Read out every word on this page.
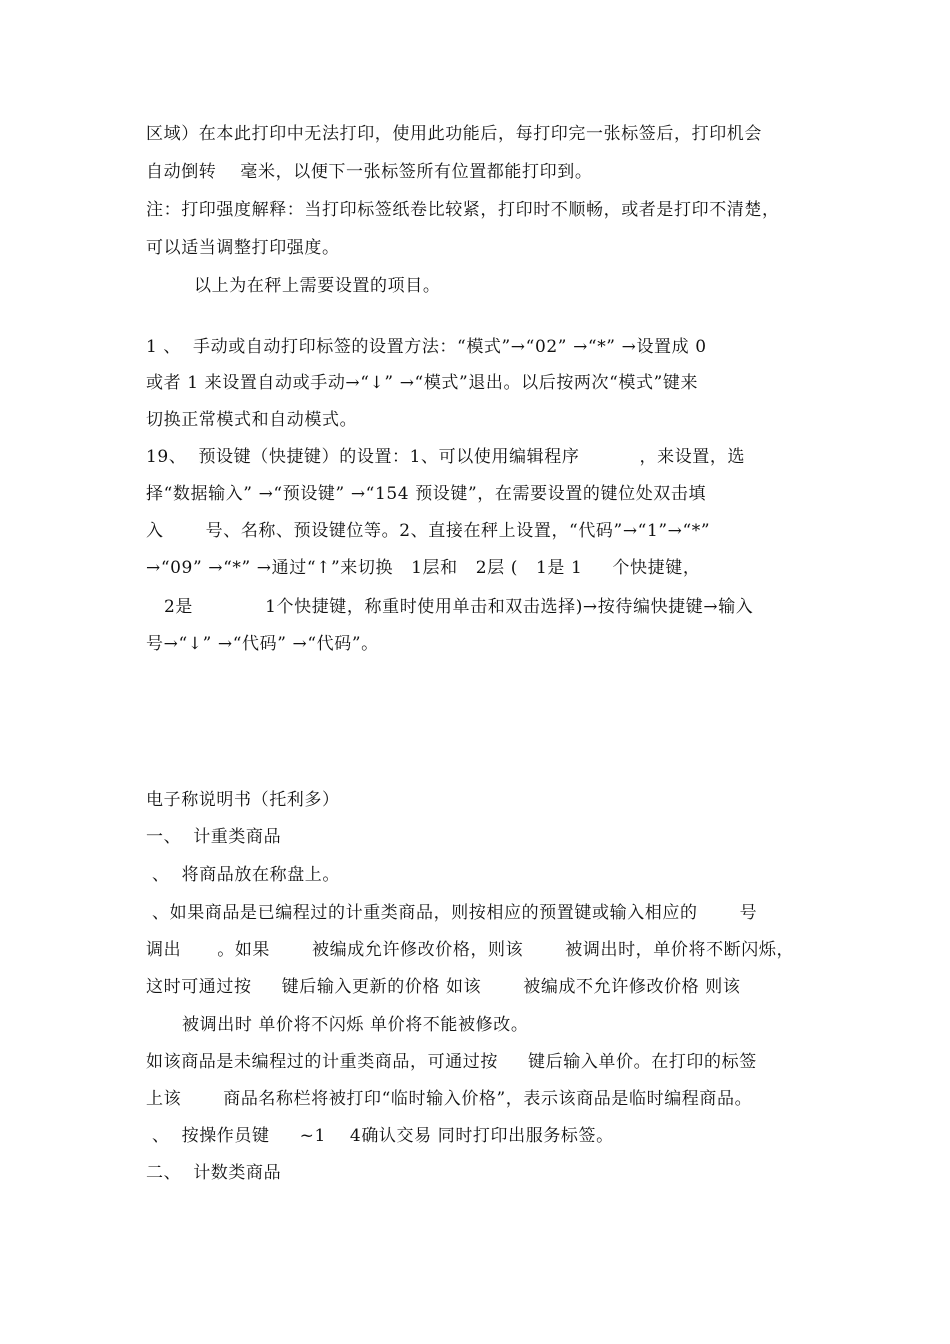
区域）在本此打印中无法打印，使用此功能后，每打印完一张标签后，打印机会
自动倒转    毫米，以便下一张标签所有位置都能打印到。
注：打印强度解释：当打印标签纸卷比较紧，打印时不顺畅，或者是打印不清楚，
可以适当调整打印强度。
以上为在秤上需要设置的项目。
1 、  手动或自动打印标签的设置方法：“模式”→“02” →“*” →设置成 0
或者 1 来设置自动或手动→“↓” →“模式”退出。以后按两次“模式”键来
切换正常模式和自动模式。
19、  预设键（快捷键）的设置：1、可以使用编辑程序          ，来设置，选
择“数据输入” →“预设键” →“154 预设键”，在需要设置的键位处双击填
入       号、名称、预设键位等。2、直接在秤上设置，“代码”→“1”→“*”
→“09” →“*” →通过“↑”来切换   1层和   2层 (   1是 1     个快捷键，
2是            1个快捷键，称重时使用单击和双击选择)→按待编快捷键→输入
号→“↓” →“代码” →“代码”。
电子称说明书（托利多）
一、  计重类商品
、  将商品放在称盘上。
、如果商品是已编程过的计重类商品，则按相应的预置键或输入相应的       号
调出      。如果       被编成允许修改价格，则该       被调出时，单价将不断闪烁，
这时可通过按     键后输入更新的价格 如该       被编成不允许修改价格 则该
被调出时 单价将不闪烁 单价将不能被修改。
如该商品是未编程过的计重类商品，可通过按     键后输入单价。在打印的标签
上该       商品名称栏将被打印“临时输入价格”，表示该商品是临时编程商品。
、  按操作员键     ~1    4确认交易 同时打印出服务标签。
二、  计数类商品
